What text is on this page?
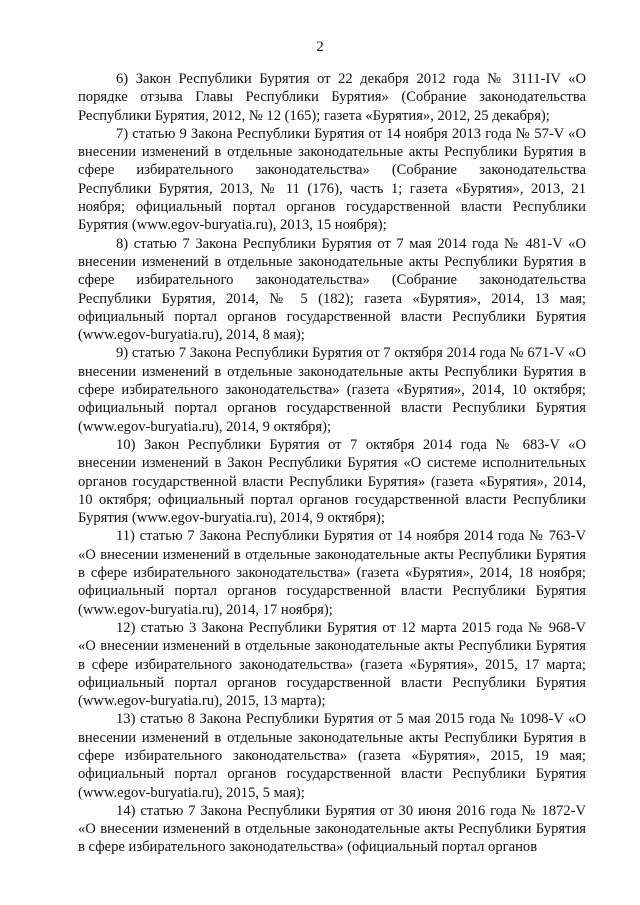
2

6) Закон Республики Бурятия от 22 декабря 2012 года № 3111-IV «О порядке отзыва Главы Республики Бурятия» (Собрание законодательства Республики Бурятия, 2012, № 12 (165); газета «Бурятия», 2012, 25 декабря);

7) статью 9 Закона Республики Бурятия от 14 ноября 2013 года № 57-V «О внесении изменений в отдельные законодательные акты Республики Бурятия в сфере избирательного законодательства» (Собрание законодательства Республики Бурятия, 2013, № 11 (176), часть 1; газета «Бурятия», 2013, 21 ноября; официальный портал органов государственной власти Республики Бурятия (www.egov-buryatia.ru), 2013, 15 ноября);

8) статью 7 Закона Республики Бурятия от 7 мая 2014 года № 481-V «О внесении изменений в отдельные законодательные акты Республики Бурятия в сфере избирательного законодательства» (Собрание законодательства Республики Бурятия, 2014, № 5 (182); газета «Бурятия», 2014, 13 мая; официальный портал органов государственной власти Республики Бурятия (www.egov-buryatia.ru), 2014, 8 мая);

9) статью 7 Закона Республики Бурятия от 7 октября 2014 года № 671-V «О внесении изменений в отдельные законодательные акты Республики Бурятия в сфере избирательного законодательства» (газета «Бурятия», 2014, 10 октября; официальный портал органов государственной власти Республики Бурятия (www.egov-buryatia.ru), 2014, 9 октября);

10) Закон Республики Бурятия от 7 октября 2014 года № 683-V «О внесении изменений в Закон Республики Бурятия «О системе исполнительных органов государственной власти Республики Бурятия» (газета «Бурятия», 2014, 10 октября; официальный портал органов государственной власти Республики Бурятия (www.egov-buryatia.ru), 2014, 9 октября);

11) статью 7 Закона Республики Бурятия от 14 ноября 2014 года № 763-V «О внесении изменений в отдельные законодательные акты Республики Бурятия в сфере избирательного законодательства» (газета «Бурятия», 2014, 18 ноября; официальный портал органов государственной власти Республики Бурятия (www.egov-buryatia.ru), 2014, 17 ноября);

12) статью 3 Закона Республики Бурятия от 12 марта 2015 года № 968-V «О внесении изменений в отдельные законодательные акты Республики Бурятия в сфере избирательного законодательства» (газета «Бурятия», 2015, 17 марта; официальный портал органов государственной власти Республики Бурятия (www.egov-buryatia.ru), 2015, 13 марта);

13) статью 8 Закона Республики Бурятия от 5 мая 2015 года № 1098-V «О внесении изменений в отдельные законодательные акты Республики Бурятия в сфере избирательного законодательства» (газета «Бурятия», 2015, 19 мая; официальный портал органов государственной власти Республики Бурятия (www.egov-buryatia.ru), 2015, 5 мая);

14) статью 7 Закона Республики Бурятия от 30 июня 2016 года № 1872-V «О внесении изменений в отдельные законодательные акты Республики Бурятия в сфере избирательного законодательства» (официальный портал органов
